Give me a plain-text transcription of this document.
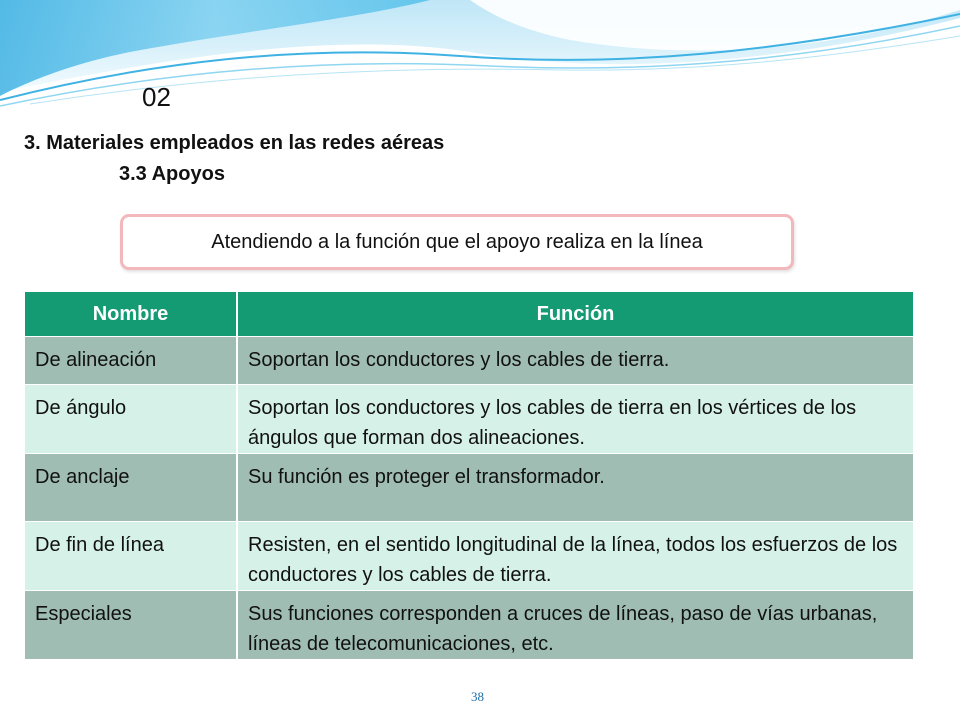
02
3. Materiales empleados en las redes aéreas
3.3 Apoyos
Atendiendo a la función que el apoyo realiza en la línea
Nombre	Función
De alineación	Soportan los conductores y los cables de tierra.
De ángulo	Soportan los conductores y los cables de tierra en los vértices de los ángulos que forman dos alineaciones.
De anclaje	Su función es proteger el transformador.
De fin de línea	Resisten, en el sentido longitudinal de la línea, todos los esfuerzos de los conductores y los cables de tierra.
Especiales	Sus funciones corresponden a cruces de líneas, paso de vías urbanas, líneas de telecomunicaciones, etc.
38
